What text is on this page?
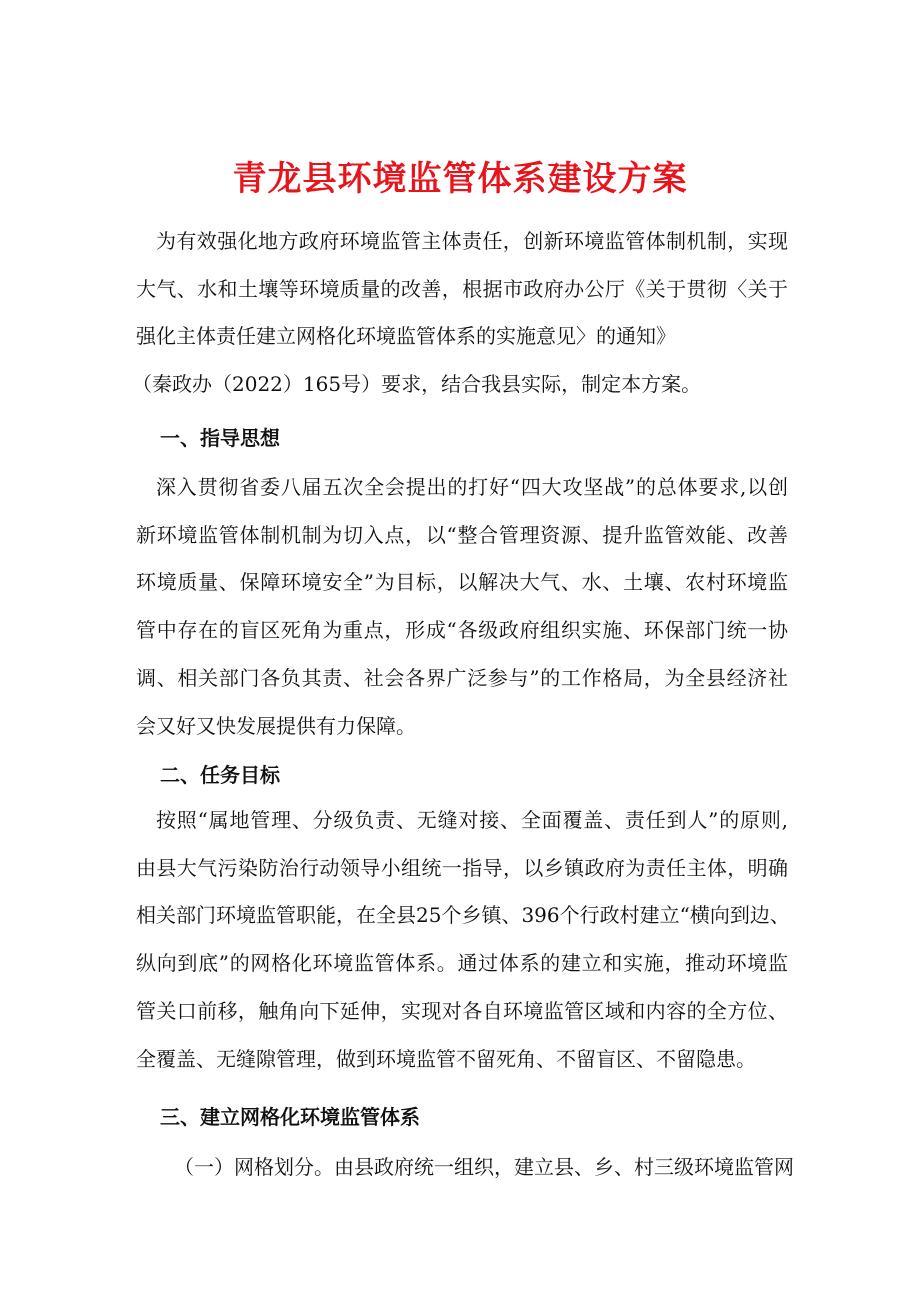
青龙县环境监管体系建设方案
为有效强化地方政府环境监管主体责任，创新环境监管体制机制，实现
大气、水和土壤等环境质量的改善，根据市政府办公厅《关于贯彻〈关于
强化主体责任建立网格化环境监管体系的实施意见〉的通知》
（秦政办（2022）165号）要求，结合我县实际，制定本方案。
一、指导思想
深入贯彻省委八届五次全会提出的打好“四大攻坚战”的总体要求,以创
新环境监管体制机制为切入点，以“整合管理资源、提升监管效能、改善
环境质量、保障环境安全”为目标，以解决大气、水、土壤、农村环境监
管中存在的盲区死角为重点，形成“各级政府组织实施、环保部门统一协
调、相关部门各负其责、社会各界广泛参与”的工作格局，为全县经济社
会又好又快发展提供有力保障。
二、任务目标
按照“属地管理、分级负责、无缝对接、全面覆盖、责任到人”的原则,
由县大气污染防治行动领导小组统一指导，以乡镇政府为责任主体，明确
相关部门环境监管职能，在全县25个乡镇、396个行政村建立“横向到边、
纵向到底”的网格化环境监管体系。通过体系的建立和实施，推动环境监
管关口前移，触角向下延伸，实现对各自环境监管区域和内容的全方位、
全覆盖、无缝隙管理，做到环境监管不留死角、不留盲区、不留隐患。
三、建立网格化环境监管体系
（一）网格划分。由县政府统一组织，建立县、乡、村三级环境监管网
